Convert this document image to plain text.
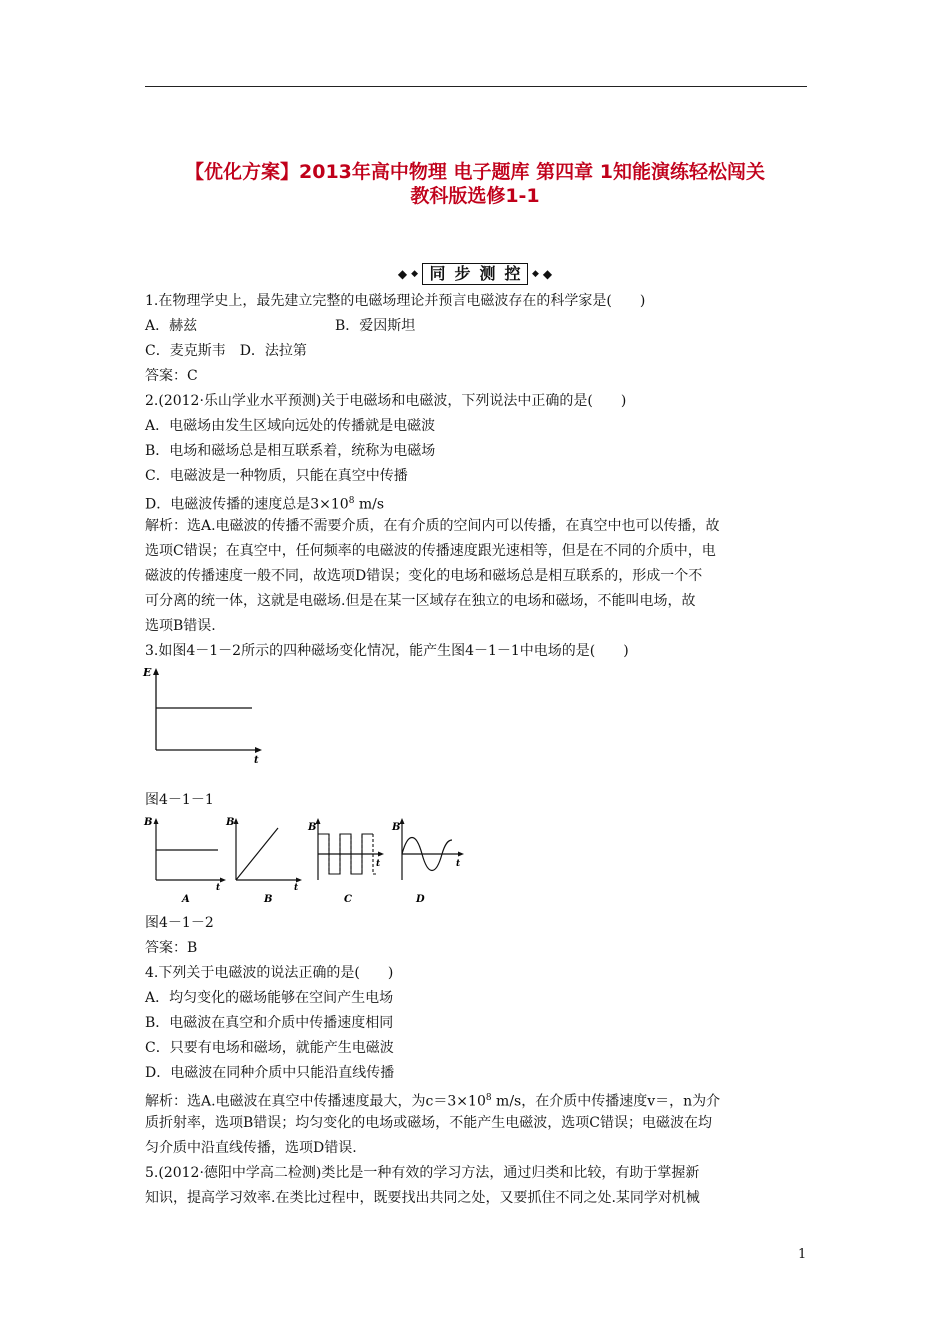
【优化方案】2013年高中物理 电子题库 第四章 1知能演练轻松闯关
教科版选修1-1
◆ ◆ 同 步 测 控	◆ ◆
1.在物理学史上，最先建立完整的电磁场理论并预言电磁波存在的科学家是(　　)
A．赫兹	B．爱因斯坦
C．麦克斯韦　D．法拉第
答案：C
2.(2012·乐山学业水平预测)关于电磁场和电磁波，下列说法中正确的是(　　)
A．电磁场由发生区域向远处的传播就是电磁波
B．电场和磁场总是相互联系着，统称为电磁场
C．电磁波是一种物质，只能在真空中传播
D．电磁波传播的速度总是$3\times 10^8$ m/s
解析：选A.电磁波的传播不需要介质，在有介质的空间内可以传播，在真空中也可以传播，故
选项C错误；在真空中，任何频率的电磁波的传播速度跟光速相等，但是在不同的介质中，电
磁波的传播速度一般不同，故选项D错误；变化的电场和磁场总是相互联系的，形成一个不
可分离的统一体，这就是电磁场.但是在某一区域存在独立的电场和磁场，不能叫电场，故
选项B错误.
3.如图4－1－2所示的四种磁场变化情况，能产生图4－1－1中电场的是(　　)
E
t
图4－1－1
B
t
A
B
t
B
B
t
C
B
t
D
图4－1－2
答案：B
4.下列关于电磁波的说法正确的是(　　)
A．均匀变化的磁场能够在空间产生电场
B．电磁波在真空和介质中传播速度相同
C．只要有电场和磁场，就能产生电磁波
D．电磁波在同种介质中只能沿直线传播
解析：选A.电磁波在真空中传播速度最大，为$c=3\times 10^8$ m/s，在介质中传播速度v＝，n为介
质折射率，选项B错误；均匀变化的电场或磁场，不能产生电磁波，选项C错误；电磁波在均
匀介质中沿直线传播，选项D错误.
5.(2012·德阳中学高二检测)类比是一种有效的学习方法，通过归类和比较，有助于掌握新
知识，提高学习效率.在类比过程中，既要找出共同之处，又要抓住不同之处.某同学对机械
1
